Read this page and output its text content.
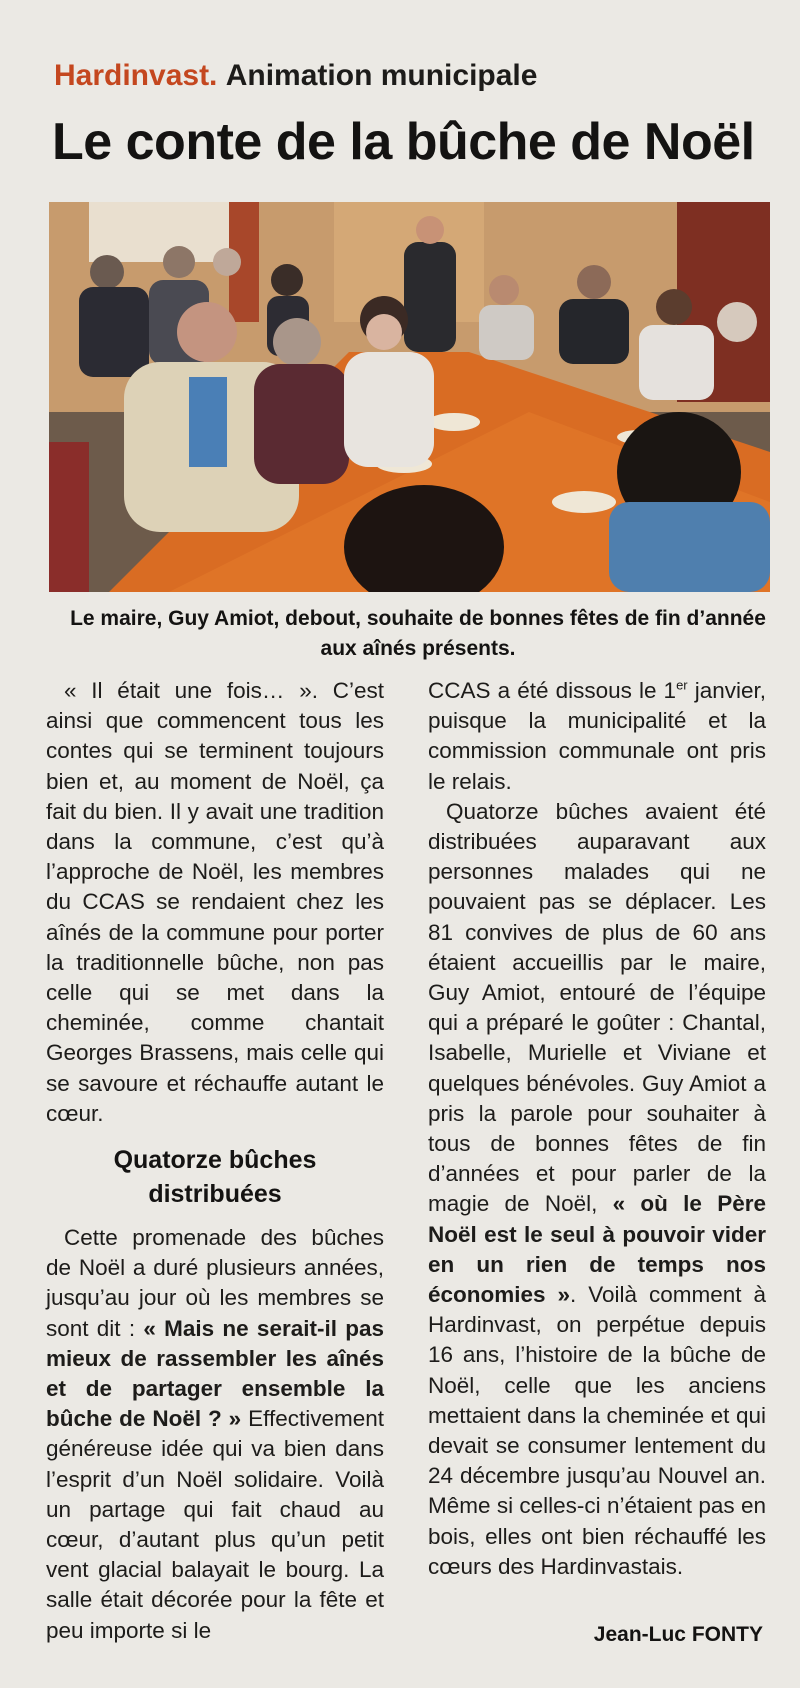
Hardinvast. Animation municipale
Le conte de la bûche de Noël
Le maire, Guy Amiot, debout, souhaite de bonnes fêtes de fin d’année aux aînés présents.

« Il était une fois… ». C’est ainsi que commencent tous les contes qui se terminent toujours bien et, au moment de Noël, ça fait du bien. Il y avait une tradition dans la commune, c’est qu’à l’approche de Noël, les membres du CCAS se rendaient chez les aînés de la commune pour porter la traditionnelle bûche, non pas celle qui se met dans la cheminée, comme chantait Georges Brassens, mais celle qui se savoure et réchauffe autant le cœur.

Quatorze bûches distribuées

Cette promenade des bûches de Noël a duré plusieurs années, jusqu’au jour où les membres se sont dit : « Mais ne serait-il pas mieux de rassembler les aînés et de partager ensemble la bûche de Noël ? » Effectivement généreuse idée qui va bien dans l’esprit d’un Noël solidaire. Voilà un partage qui fait chaud au cœur, d’autant plus qu’un petit vent glacial balayait le bourg. La salle était décorée pour la fête et peu importe si le

CCAS a été dissous le 1er janvier, puisque la municipalité et la commission communale ont pris le relais.

Quatorze bûches avaient été distribuées auparavant aux personnes malades qui ne pouvaient pas se déplacer. Les 81 convives de plus de 60 ans étaient accueillis par le maire, Guy Amiot, entouré de l’équipe qui a préparé le goûter : Chantal, Isabelle, Murielle et Viviane et quelques bénévoles. Guy Amiot a pris la parole pour souhaiter à tous de bonnes fêtes de fin d’années et pour parler de la magie de Noël, « où le Père Noël est le seul à pouvoir vider en un rien de temps nos économies ». Voilà comment à Hardinvast, on perpétue depuis 16 ans, l’histoire de la bûche de Noël, celle que les anciens mettaient dans la cheminée et qui devait se consumer lentement du 24 décembre jusqu’au Nouvel an. Même si celles-ci n’étaient pas en bois, elles ont bien réchauffé les cœurs des Hardinvastais.

Jean-Luc FONTY
